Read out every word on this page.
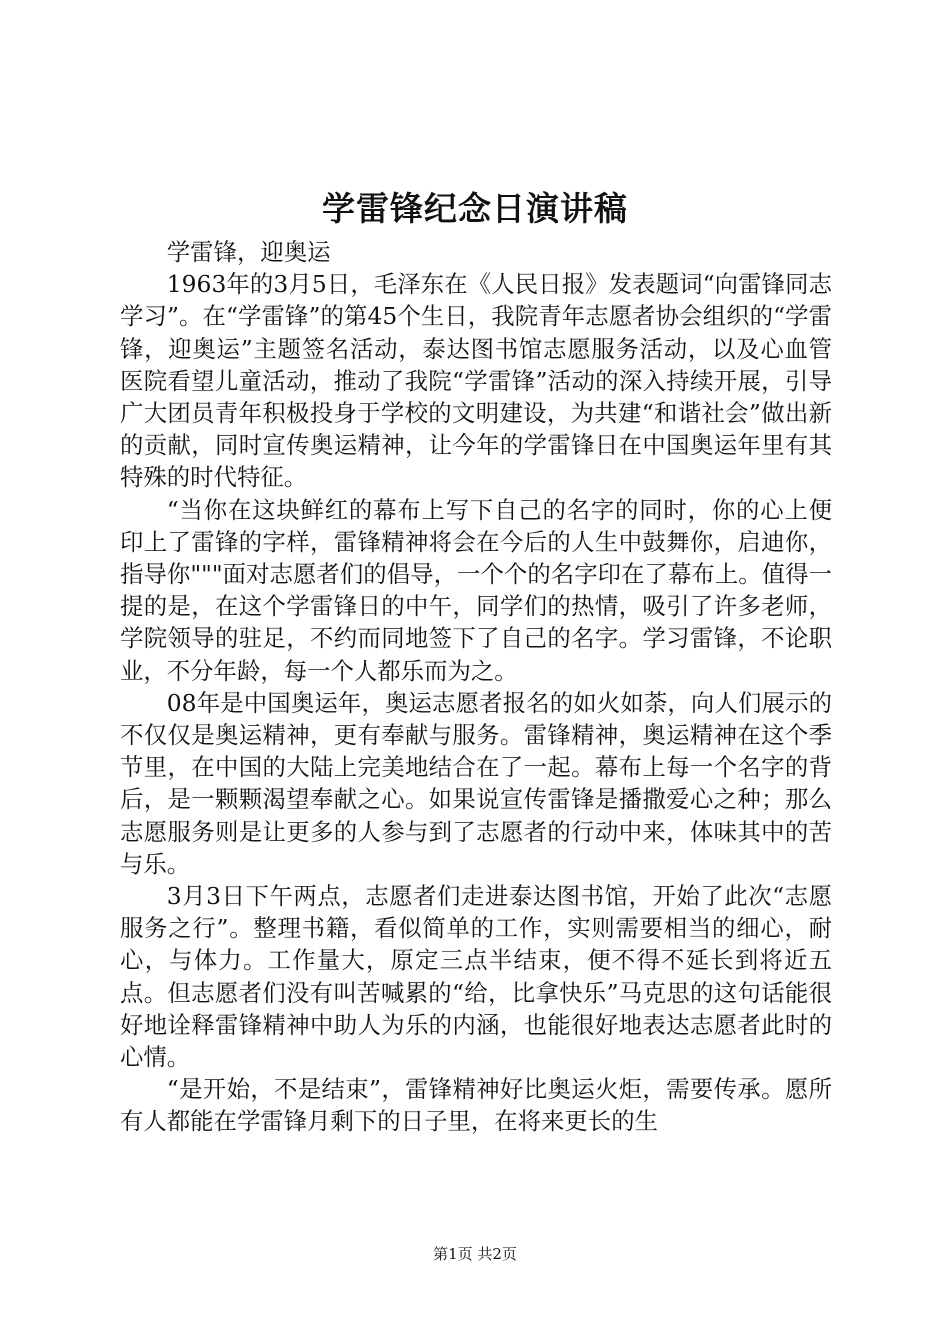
学雷锋纪念日演讲稿

学雷锋，迎奥运

1963年的3月5日，毛泽东在《人民日报》发表题词“向雷锋同志学习”。在“学雷锋”的第45个生日，我院青年志愿者协会组织的“学雷锋，迎奥运”主题签名活动，泰达图书馆志愿服务活动，以及心血管医院看望儿童活动，推动了我院“学雷锋”活动的深入持续开展，引导广大团员青年积极投身于学校的文明建设，为共建“和谐社会”做出新的贡献，同时宣传奥运精神，让今年的学雷锋日在中国奥运年里有其特殊的时代特征。

“当你在这块鲜红的幕布上写下自己的名字的同时，你的心上便印上了雷锋的字样，雷锋精神将会在今后的人生中鼓舞你，启迪你，指导你"""面对志愿者们的倡导，一个个的名字印在了幕布上。值得一提的是，在这个学雷锋日的中午，同学们的热情，吸引了许多老师，学院领导的驻足，不约而同地签下了自己的名字。学习雷锋，不论职业，不分年龄，每一个人都乐而为之。

08年是中国奥运年，奥运志愿者报名的如火如荼，向人们展示的不仅仅是奥运精神，更有奉献与服务。雷锋精神，奥运精神在这个季节里，在中国的大陆上完美地结合在了一起。幕布上每一个名字的背后，是一颗颗渴望奉献之心。如果说宣传雷锋是播撒爱心之种；那么志愿服务则是让更多的人参与到了志愿者的行动中来，体味其中的苦与乐。

3月3日下午两点，志愿者们走进泰达图书馆，开始了此次“志愿服务之行”。整理书籍，看似简单的工作，实则需要相当的细心，耐心，与体力。工作量大，原定三点半结束，便不得不延长到将近五点。但志愿者们没有叫苦喊累的“给，比拿快乐”马克思的这句话能很好地诠释雷锋精神中助人为乐的内涵，也能很好地表达志愿者此时的心情。

“是开始，不是结束”，雷锋精神好比奥运火炬，需要传承。愿所有人都能在学雷锋月剩下的日子里，在将来更长的生

第1页 共2页
